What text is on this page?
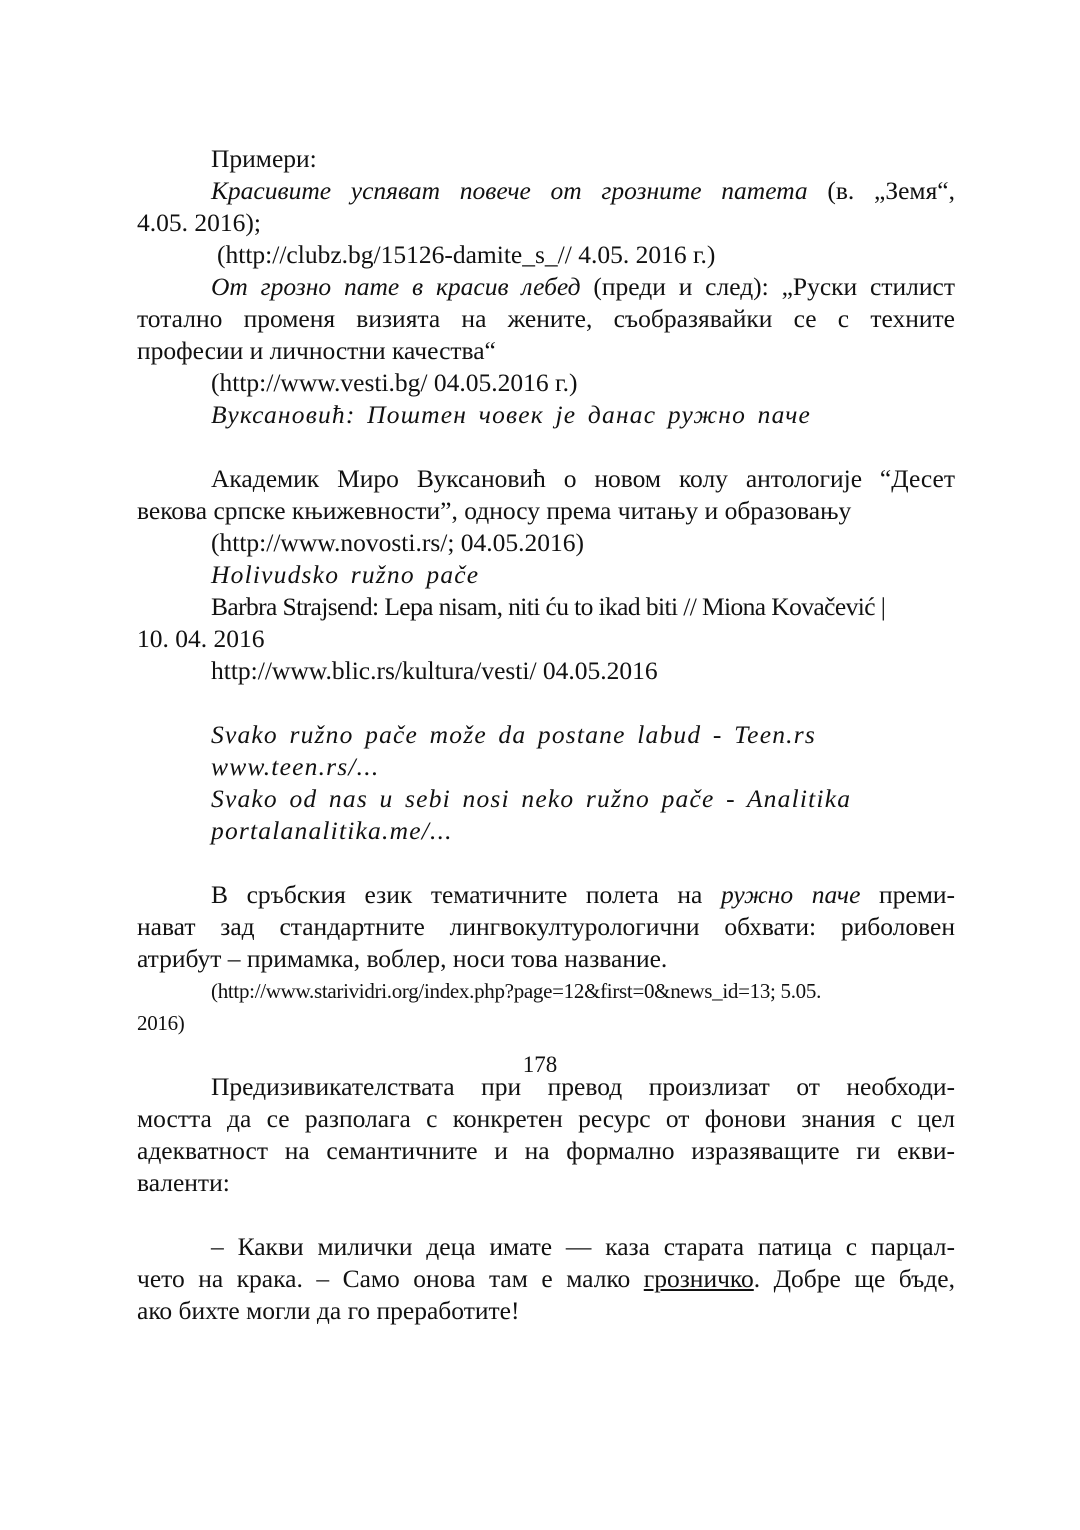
Примери:
Красивите успяват повече от грозните патета (в. „Земя“,
4.05. 2016);
(http://clubz.bg/15126-damite_s_// 4.05. 2016 г.)
От грозно пате в красив лебед (преди и след): „Руски стилист
тотално променя визията на жените, съобразявайки се с техните
професии и личностни качества“
(http://www.vesti.bg/ 04.05.2016 г.)
Вуксановић: Поштен човек је данас ружно паче
Академик Миро Вуксановић о новом колу антологије “Десет
векова српске књижевности”, односу према читању и образовању
(http://www.novosti.rs/; 04.05.2016)
Holivudsko ružno pače
Barbra Strajsend: Lepa nisam, niti ću to ikad biti // Miona Kovačević |
10. 04. 2016
http://www.blic.rs/kultura/vesti/ 04.05.2016
Svako ružno pače može da postane labud - Teen.rs
www.teen.rs/...
Svako od nas u sebi nosi neko ružno pače - Analitika
portalanalitika.me/...
В сръбския език тематичните полета на ружно паче преми-
нават зад стандартните лингвокултурологични обхвати: риболовен
атрибут – примамка, воблер, носи това название.
(http://www.starividri.org/index.php?page=12&first=0&news_id=13; 5.05.
2016)
Предизивикателствата при превод произлизат от необходи-
мостта да се разполага с конкретен ресурс от фонови знания с цел
адекватност на семантичните и на формално изразяващите ги екви-
валенти:
– Какви милички деца имате — каза старата патица с парцал-
чето на крака. – Само онова там е малко грозничко. Добре ще бъде,
ако бихте могли да го преработите!
178
